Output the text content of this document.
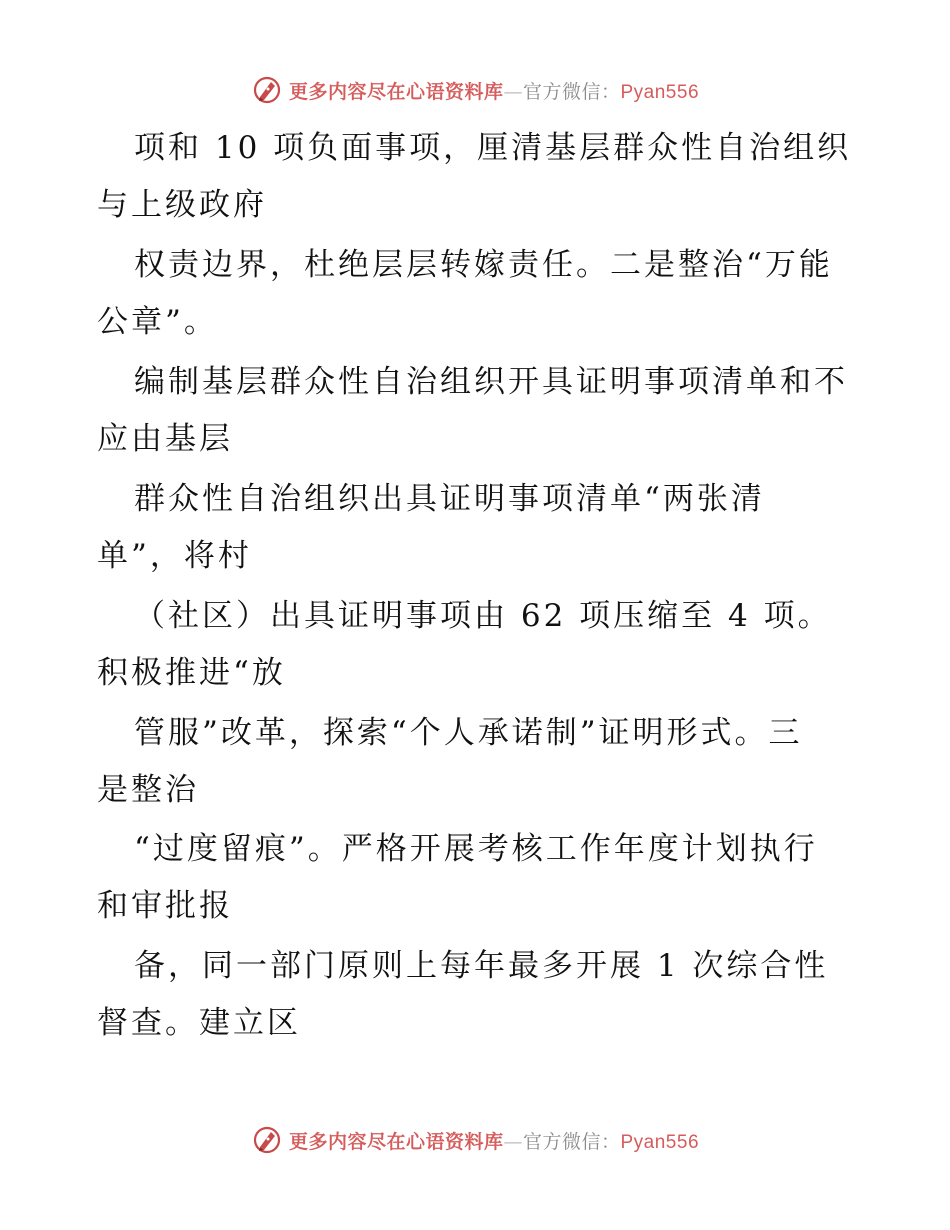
更多内容尽在心语资料库—官方微信：Pyan556
项和 10 项负面事项，厘清基层群众性自治组织
与上级政府
权责边界，杜绝层层转嫁责任。二是整治“万能
公章”。
编制基层群众性自治组织开具证明事项清单和不
应由基层
群众性自治组织出具证明事项清单“两张清
单”，将村
（社区）出具证明事项由 62 项压缩至 4 项。
积极推进“放
管服”改革，探索“个人承诺制”证明形式。三
是整治
“过度留痕”。严格开展考核工作年度计划执行
和审批报
备，同一部门原则上每年最多开展 1 次综合性
督查。建立区
更多内容尽在心语资料库—官方微信：Pyan556
